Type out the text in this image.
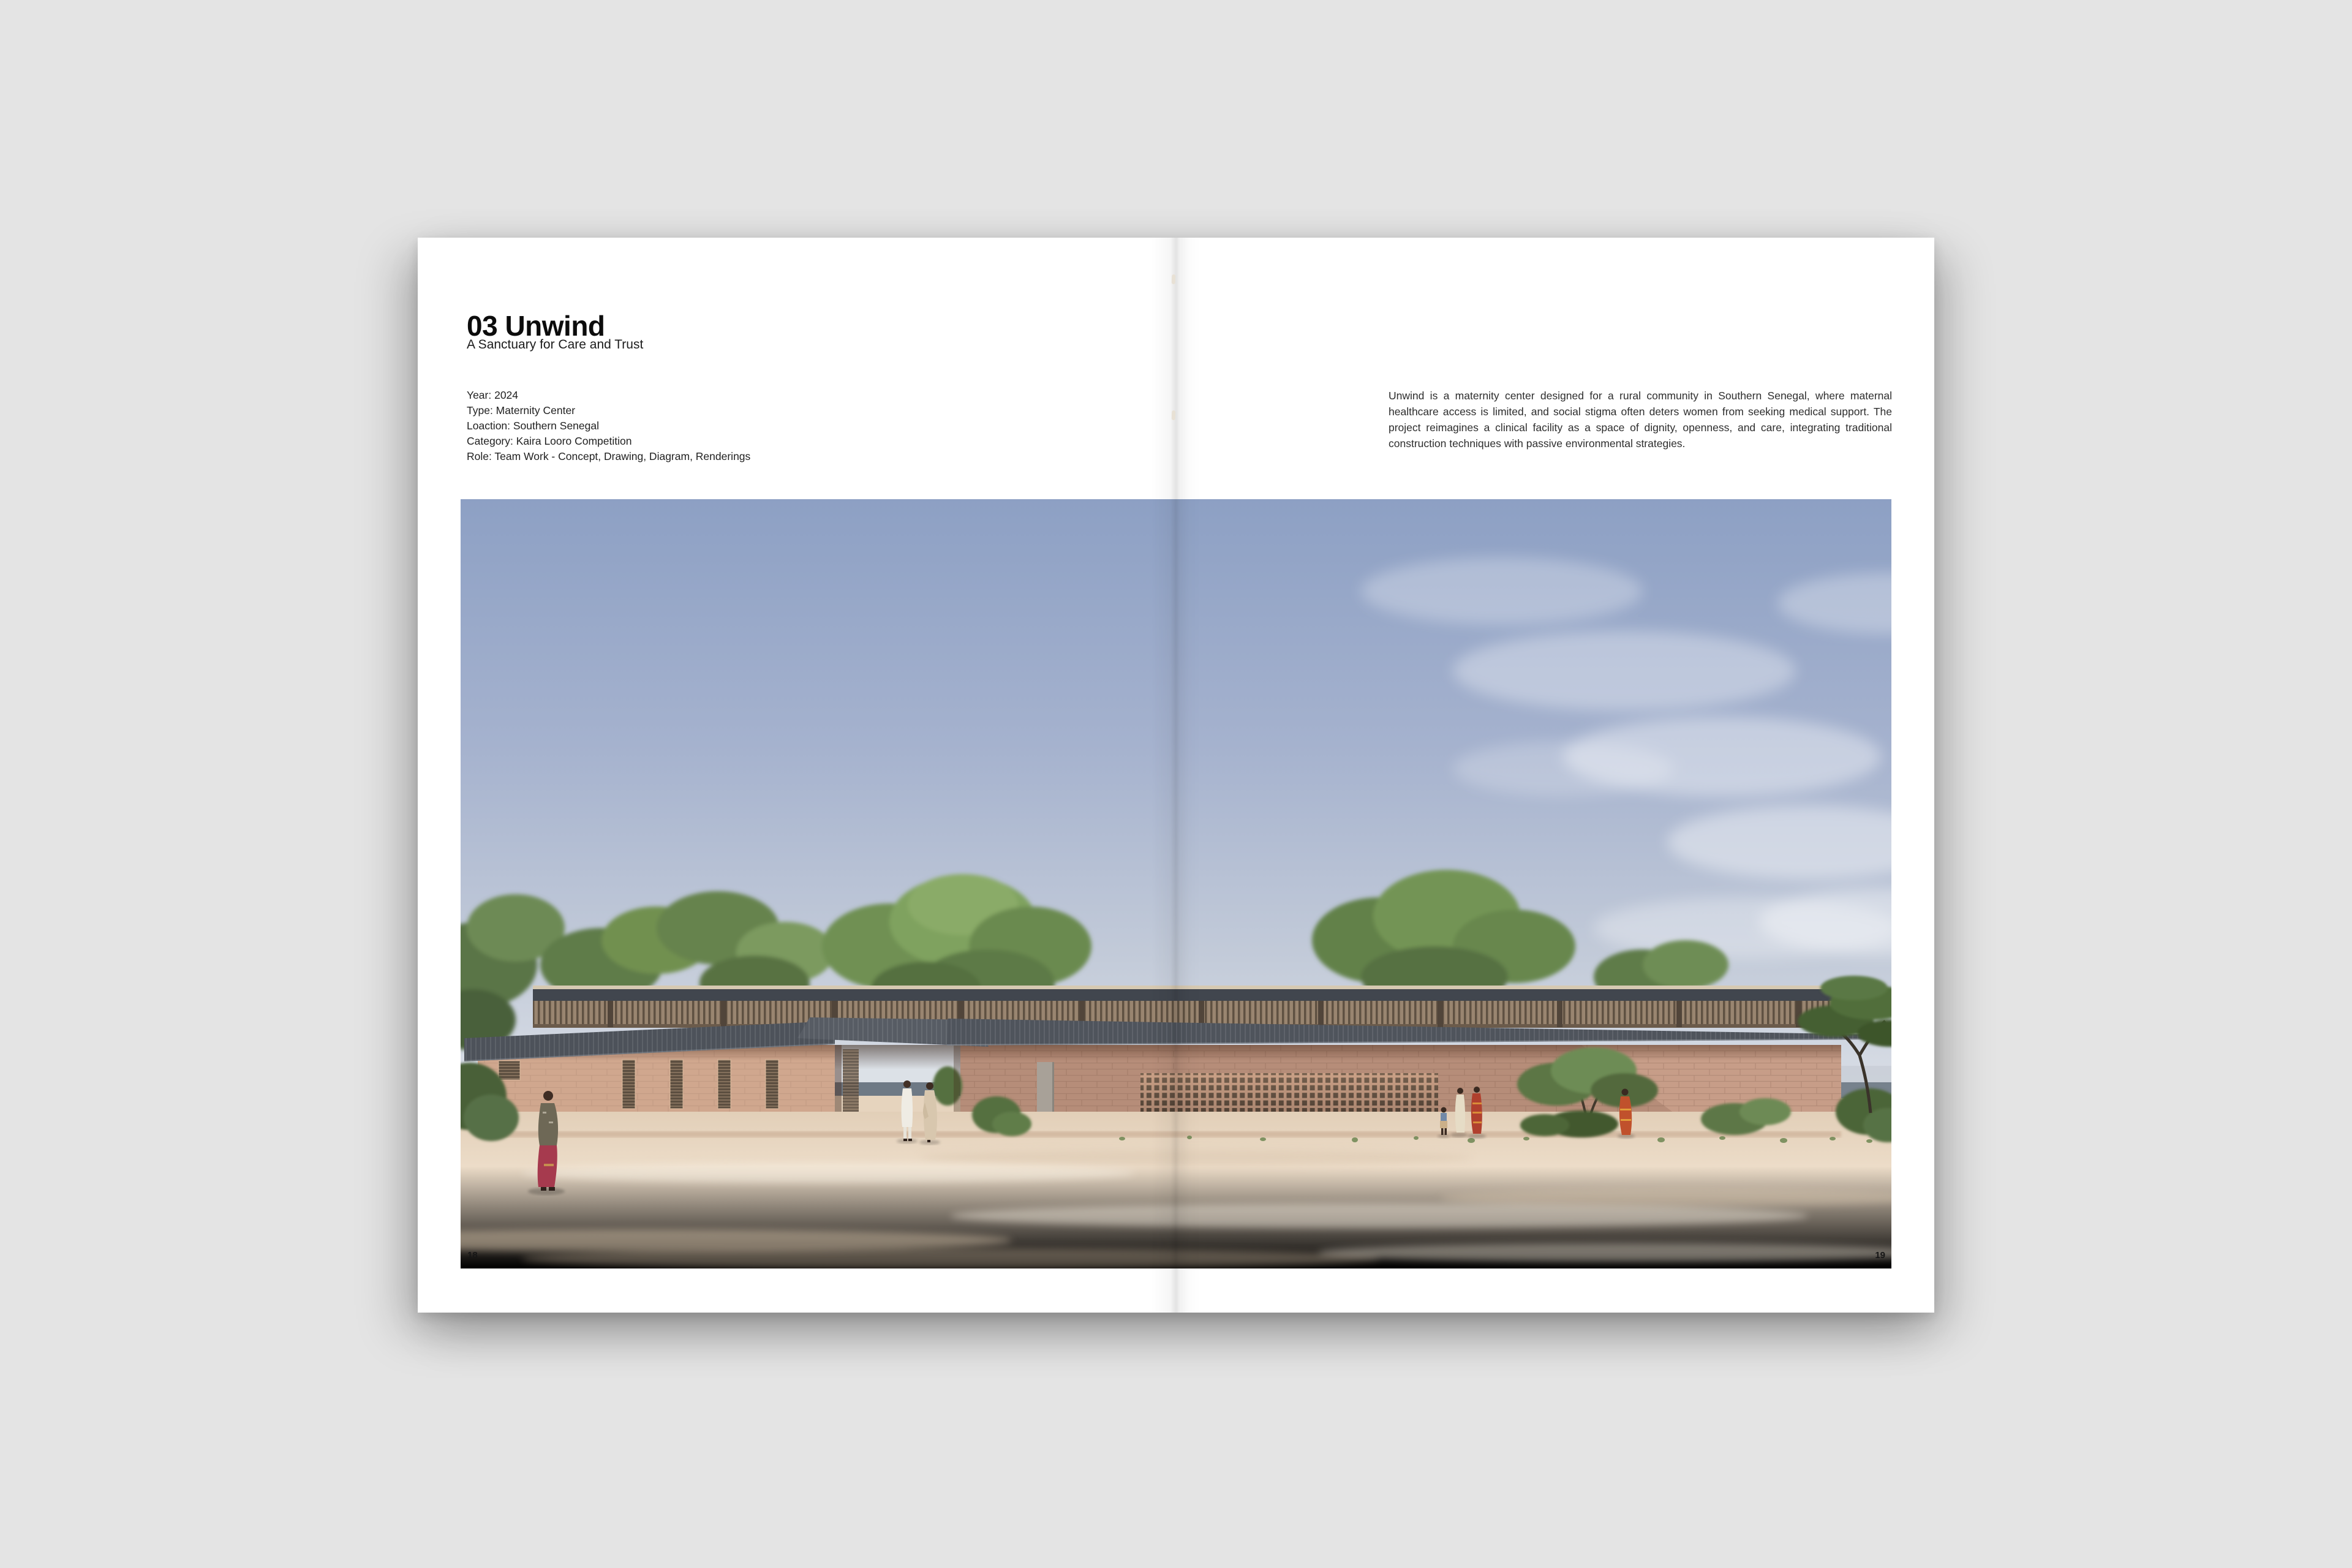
03 Unwind
A Sanctuary for Care and Trust
Year: 2024
Type: Maternity Center
Loaction: Southern Senegal
Category: Kaira Looro Competition
Role: Team Work - Concept, Drawing, Diagram, Renderings

Unwind is a maternity center designed for a rural community in Southern Senegal, where maternal healthcare access is limited, and social stigma often deters women from seeking medical support. The project reimagines a clinical facility as a space of dignity, openness, and care, integrating traditional construction techniques with passive environmental strategies.

18	19
